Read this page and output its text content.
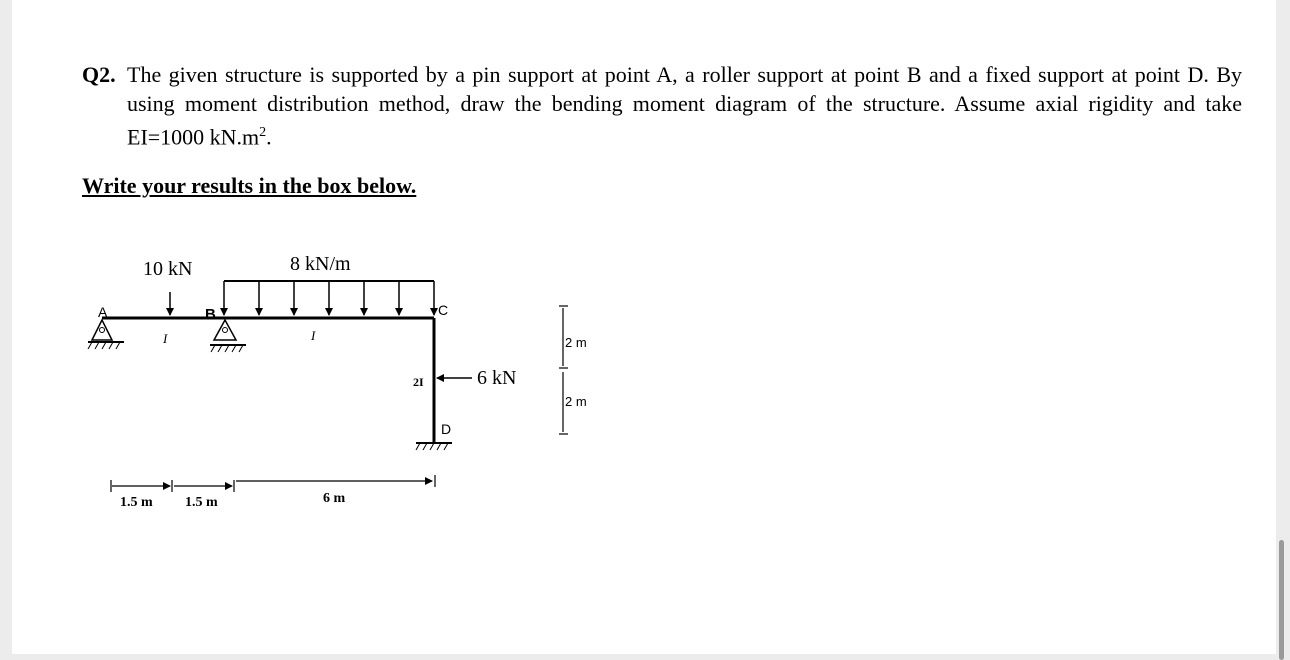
Q2. The given structure is supported by a pin support at point A, a roller support at point B and a fixed support at point D. By using moment distribution method, draw the bending moment diagram of the structure. Assume axial rigidity and take EI=1000 $kN.m^2$.
Write your results in the box below.
10 kN	8 kN/m
A	B	C
D
I	I
2I	6 kN
2 m
2 m
1.5 m 1.5 m	6 m
